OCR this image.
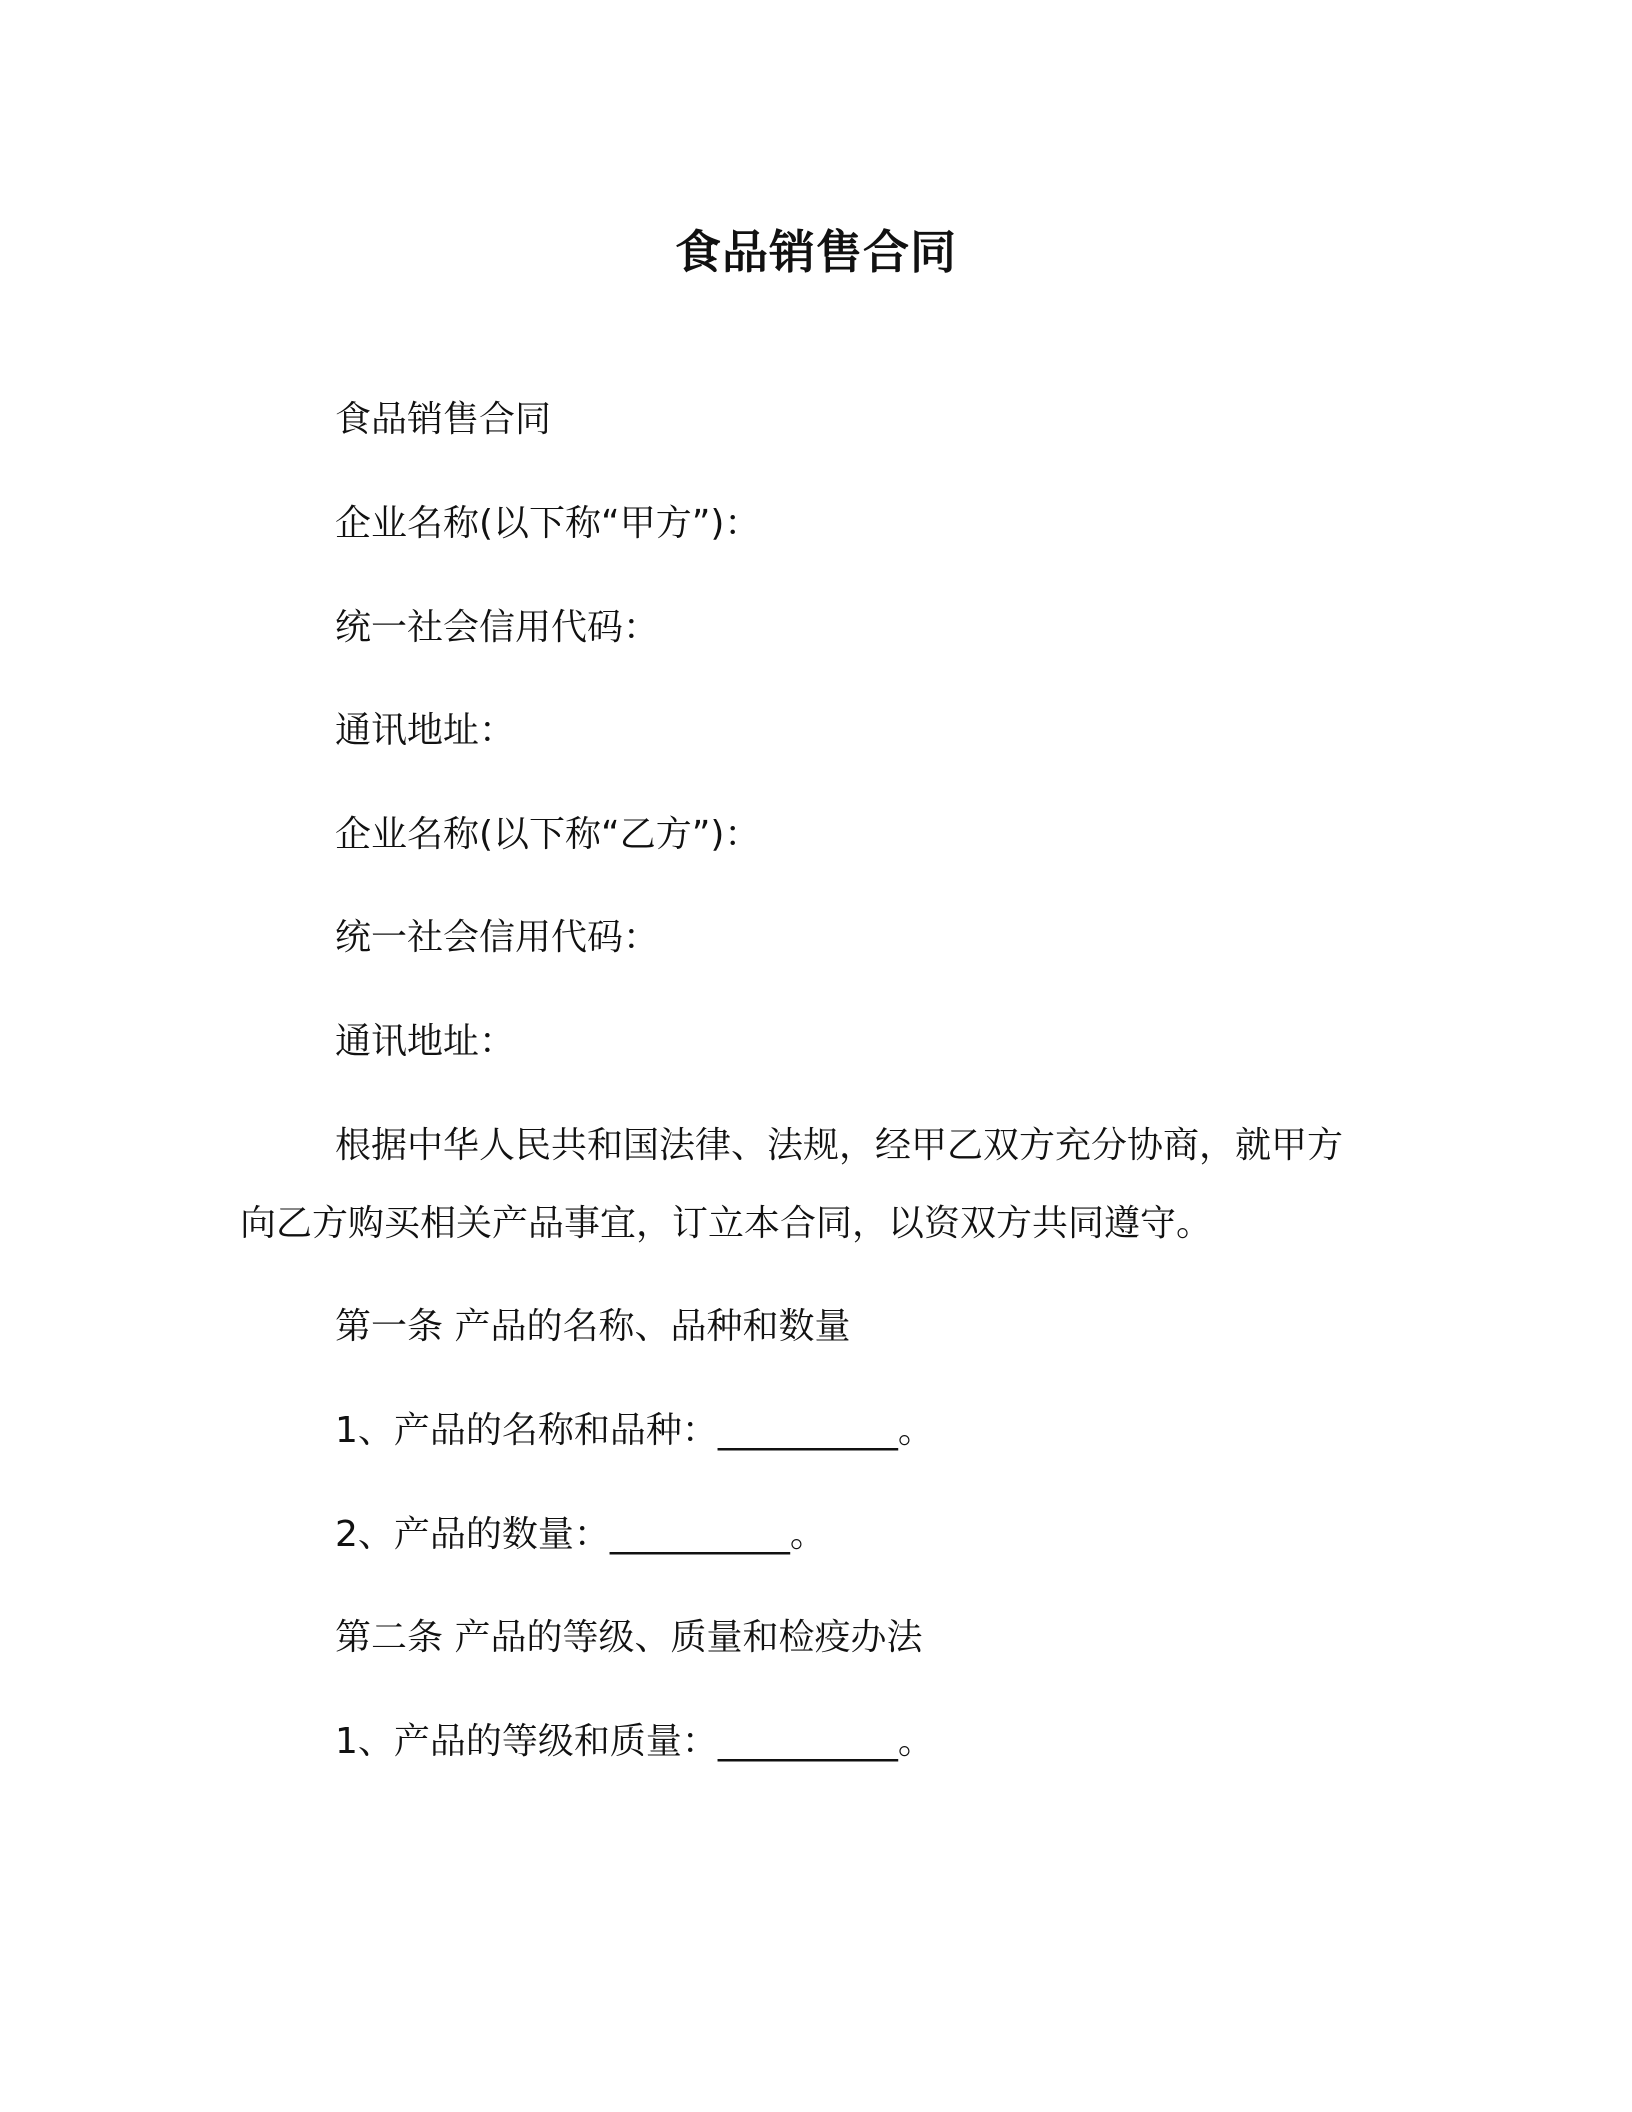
食品销售合同
食品销售合同
企业名称(以下称“甲方”)：
统一社会信用代码：
通讯地址：
企业名称(以下称“乙方”)：
统一社会信用代码：
通讯地址：
根据中华人民共和国法律、法规，经甲乙双方充分协商，就甲方
向乙方购买相关产品事宜，订立本合同，以资双方共同遵守。
第一条 产品的名称、品种和数量
1、产品的名称和品种：__________。
2、产品的数量：__________。
第二条 产品的等级、质量和检疫办法
1、产品的等级和质量：__________。
